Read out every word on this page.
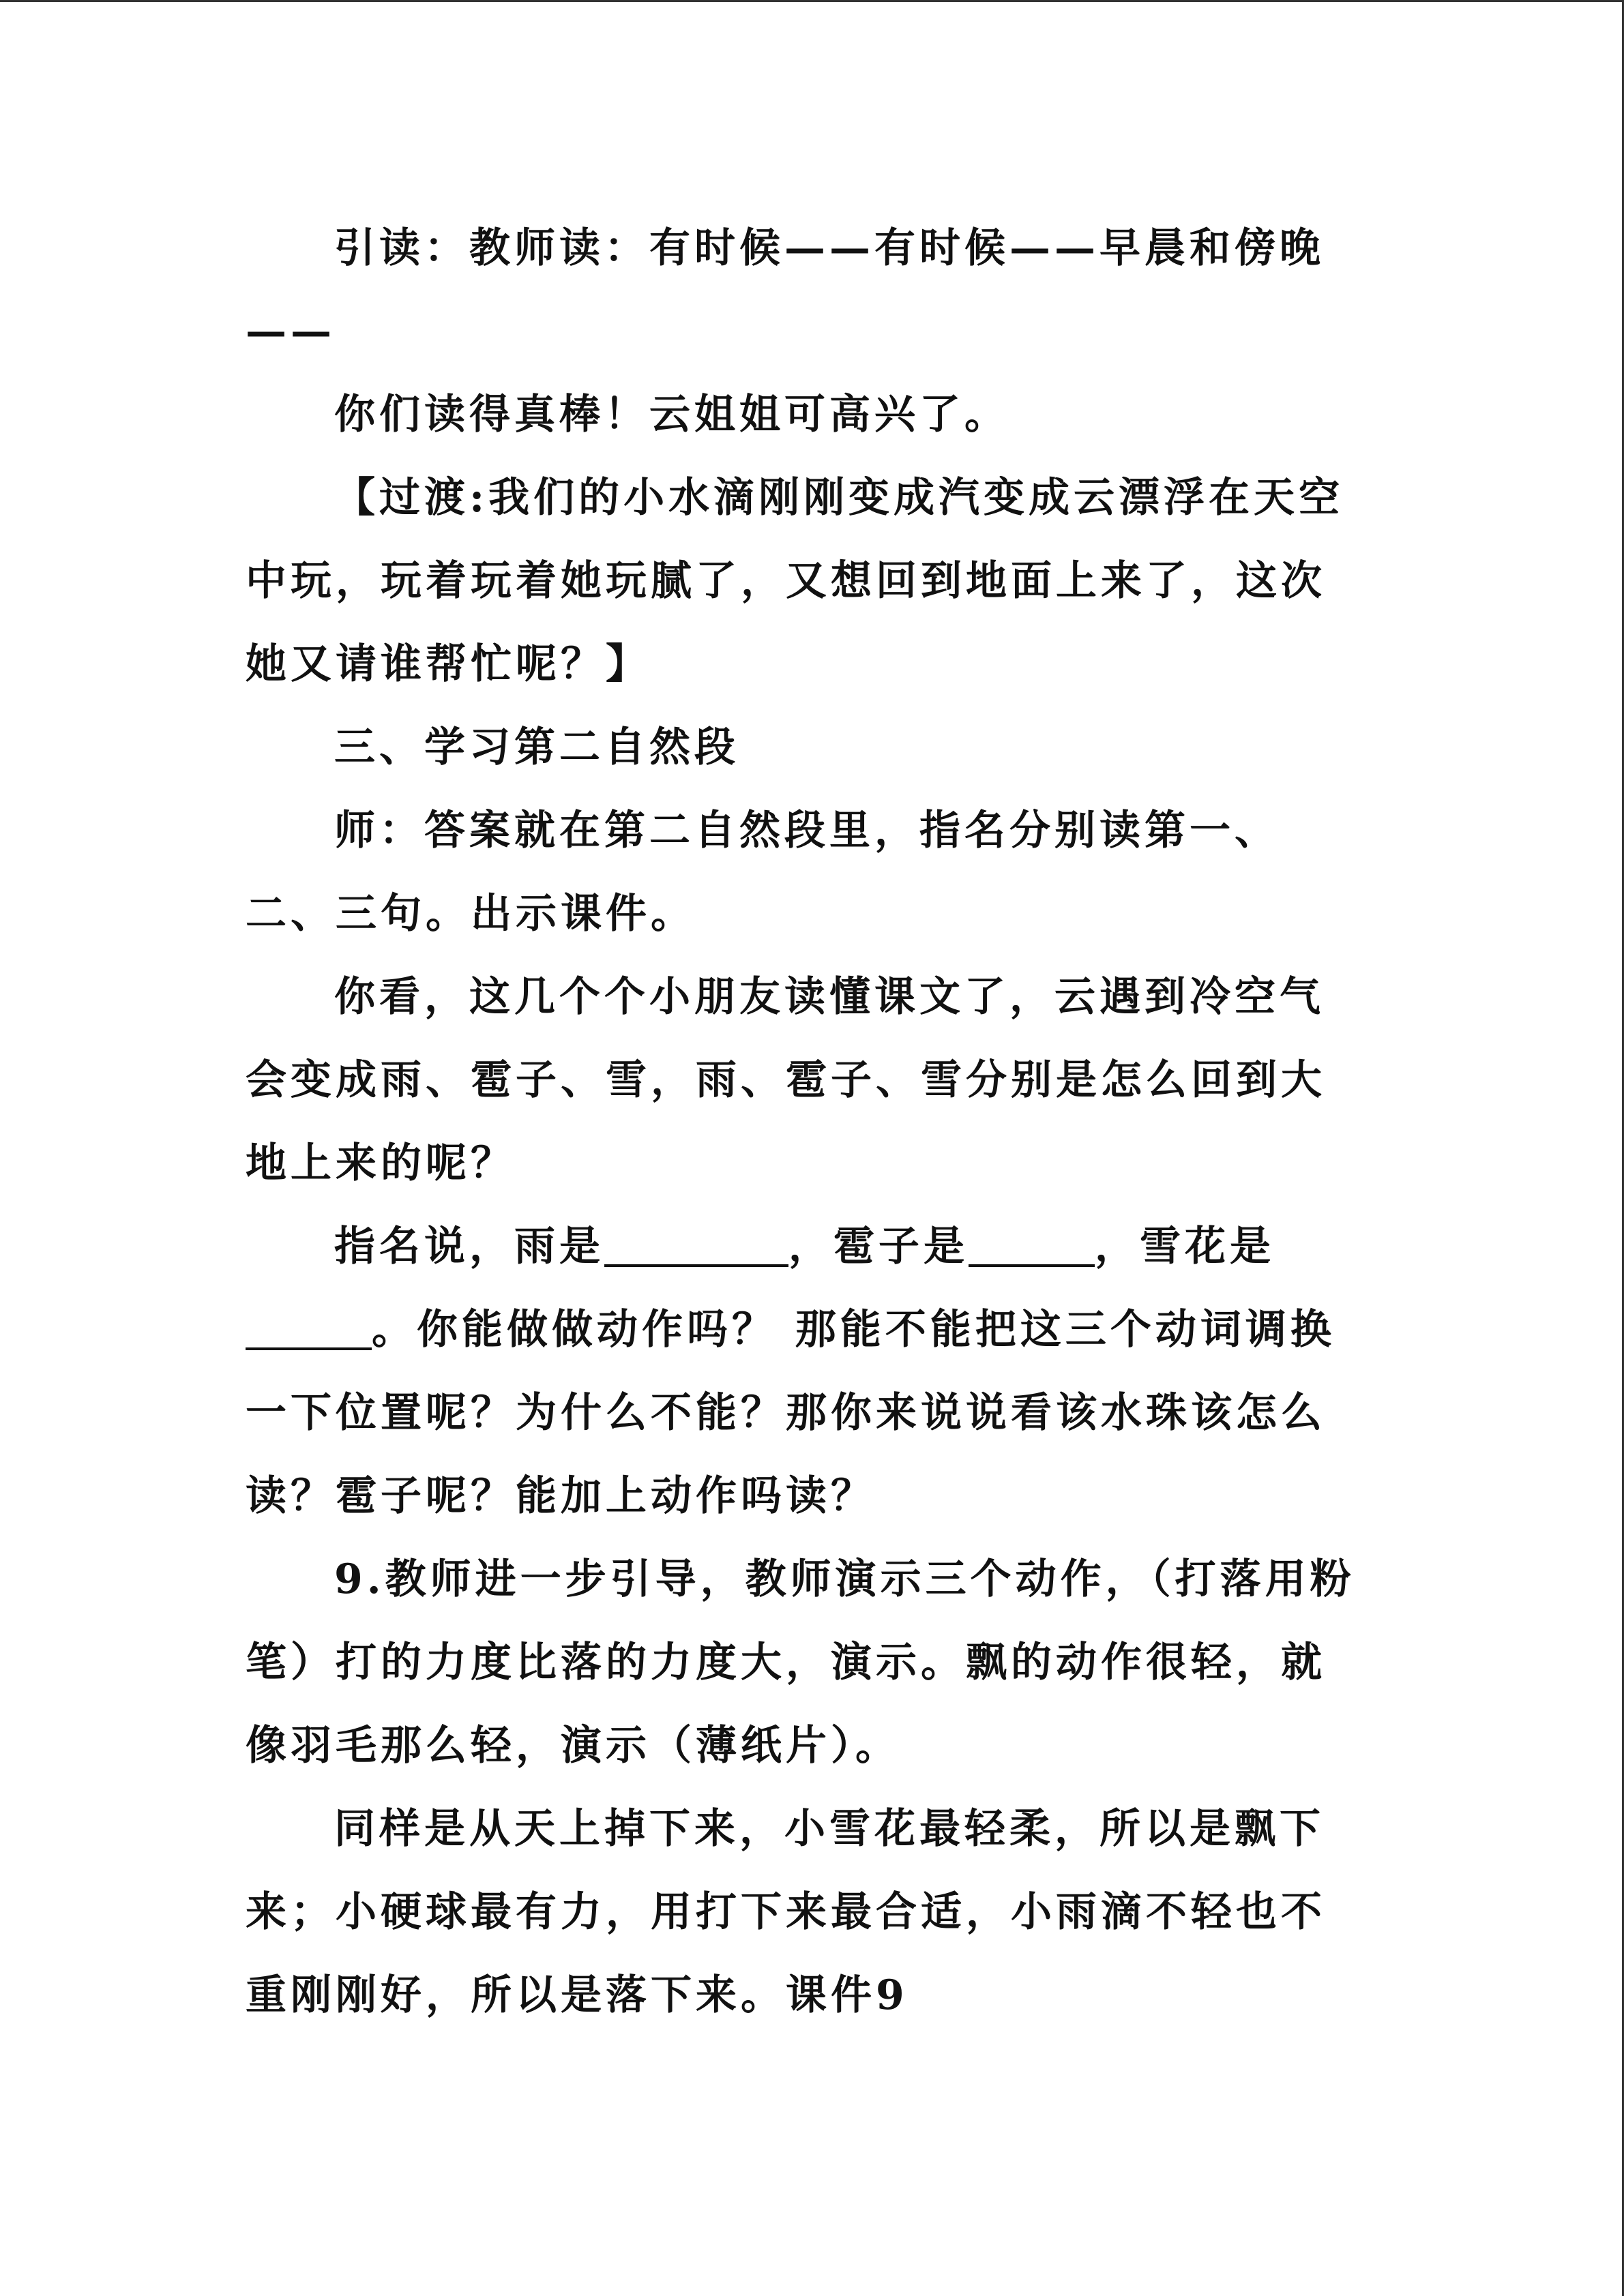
引读：教师读：有时候——有时候——早晨和傍晚——

你们读得真棒！云姐姐可高兴了。

【过渡:我们的小水滴刚刚变成汽变成云漂浮在天空中玩，玩着玩着她玩腻了，又想回到地面上来了，这次她又请谁帮忙呢？】

三、学习第二自然段

师：答案就在第二自然段里，指名分别读第一、二、三句。出示课件。

你看，这几个个小朋友读懂课文了，云遇到冷空气会变成雨、雹子、雪，雨、雹子、雪分别是怎么回到大地上来的呢？

指名说，雨是	，雹子是	，雪花是。你能做做动作吗？ 那能不能把这三个动词调换一下位置呢？为什么不能？那你来说说看该水珠该怎么读？雹子呢？能加上动作吗读？

9.教师进一步引导，教师演示三个动作，（打落用粉笔）打的力度比落的力度大，演示。飘的动作很轻，就像羽毛那么轻，演示（薄纸片）。

同样是从天上掉下来，小雪花最轻柔，所以是飘下来；小硬球最有力，用打下来最合适，小雨滴不轻也不重刚刚好，所以是落下来。课件9
